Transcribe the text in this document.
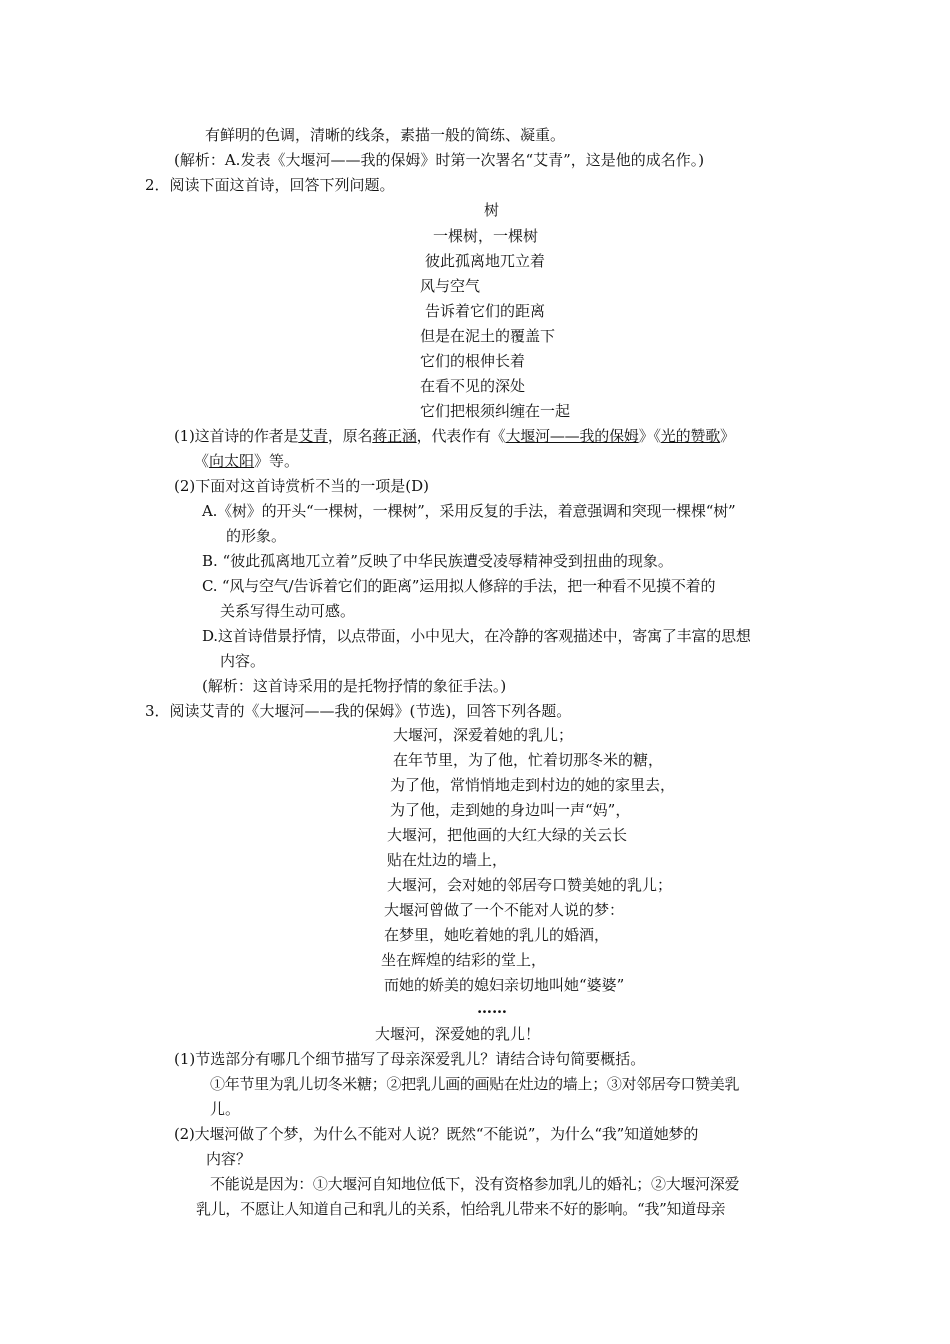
有鲜明的色调，清晰的线条，素描一般的简练、凝重。
(解析：A.发表《大堰河——我的保姆》时第一次署名“艾青”，这是他的成名作。)
2．阅读下面这首诗，回答下列问题。
树
一棵树，一棵树
彼此孤离地兀立着
风与空气
告诉着它们的距离
但是在泥土的覆盖下
它们的根伸长着
在看不见的深处
它们把根须纠缠在一起
(1)这首诗的作者是艾青，原名蒋正涵，代表作有《大堰河——我的保姆》《光的赞歌》
《向太阳》等。
(2)下面对这首诗赏析不当的一项是(D)
A.《树》的开头“一棵树，一棵树”，采用反复的手法，着意强调和突现一棵棵“树”
的形象。
B. “彼此孤离地兀立着”反映了中华民族遭受凌辱精神受到扭曲的现象。
C. “风与空气/告诉着它们的距离”运用拟人修辞的手法，把一种看不见摸不着的
关系写得生动可感。
D.这首诗借景抒情，以点带面，小中见大，在冷静的客观描述中，寄寓了丰富的思想
内容。
(解析：这首诗采用的是托物抒情的象征手法。)
3．阅读艾青的《大堰河——我的保姆》(节选)，回答下列各题。
大堰河，深爱着她的乳儿；
在年节里，为了他，忙着切那冬米的糖，
为了他，常悄悄地走到村边的她的家里去，
为了他，走到她的身边叫一声“妈”，
大堰河，把他画的大红大绿的关云长
贴在灶边的墙上，
大堰河，会对她的邻居夸口赞美她的乳儿；
大堰河曾做了一个不能对人说的梦：
在梦里，她吃着她的乳儿的婚酒，
坐在辉煌的结彩的堂上，
而她的娇美的媳妇亲切地叫她“婆婆”
……
大堰河，深爱她的乳儿！
(1)节选部分有哪几个细节描写了母亲深爱乳儿？请结合诗句简要概括。
①年节里为乳儿切冬米糖；②把乳儿画的画贴在灶边的墙上；③对邻居夸口赞美乳
儿。
(2)大堰河做了个梦，为什么不能对人说？既然“不能说”，为什么“我”知道她梦的
内容？
不能说是因为：①大堰河自知地位低下，没有资格参加乳儿的婚礼；②大堰河深爱
乳儿，不愿让人知道自己和乳儿的关系，怕给乳儿带来不好的影响。“我”知道母亲
